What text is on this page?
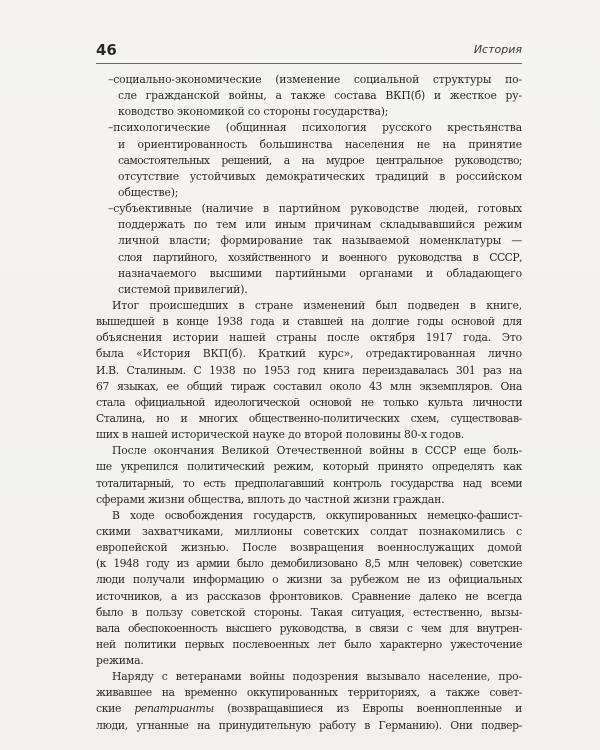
46	История
–социально-экономические (изменение социальной структуры по-
сле гражданской войны, а также состава ВКП(б) и жесткое ру-
ководство экономикой со стороны государства);
–психологические (общинная психология русского крестьянства
и ориентированность большинства населения не на принятие
самостоятельных решений, а на мудрое центральное руководство;
отсутствие устойчивых демократических традиций в российском
обществе);
–субъективные (наличие в партийном руководстве людей, готовых
поддержать по тем или иным причинам складывавшийся режим
личной власти; формирование так называемой номенклатуры —
слоя партийного, хозяйственного и военного руководства в СССР,
назначаемого высшими партийными органами и обладающего
системой привилегий).
Итог происшедших в стране изменений был подведен в книге,
вышедшей в конце 1938 года и ставшей на долгие годы основой для
объяснения истории нашей страны после октября 1917 года. Это
была «История ВКП(б). Краткий курс», отредактированная лично
И.В. Сталиным. С 1938 по 1953 год книга переиздавалась 301 раз на
67 языках, ее общий тираж составил около 43 млн экземпляров. Она
стала официальной идеологической основой не только культа личности
Сталина, но и многих общественно-политических схем, существовав-
ших в нашей исторической науке до второй половины 80-х годов.
После окончания Великой Отечественной войны в СССР еще боль-
ше укрепился политический режим, который принято определять как
тоталитарный, то есть предполагавший контроль государства над всеми
сферами жизни общества, вплоть до частной жизни граждан.
В ходе освобождения государств, оккупированных немецко-фашист-
скими захватчиками, миллионы советских солдат познакомились с
европейской жизнью. После возвращения военнослужащих домой
(к 1948 году из армии было демобилизовано 8,5 млн человек) советские
люди получали информацию о жизни за рубежом не из официальных
источников, а из рассказов фронтовиков. Сравнение далеко не всегда
было в пользу советской стороны. Такая ситуация, естественно, вызы-
вала обеспокоенность высшего руководства, в связи с чем для внутрен-
ней политики первых послевоенных лет было характерно ужесточение
режима.
Наряду с ветеранами войны подозрения вызывало население, про-
живавшее на временно оккупированных территориях, а также совет-
ские репатрианты (возвращавшиеся из Европы военнопленные и
люди, угнанные на принудительную работу в Германию). Они подвер-
